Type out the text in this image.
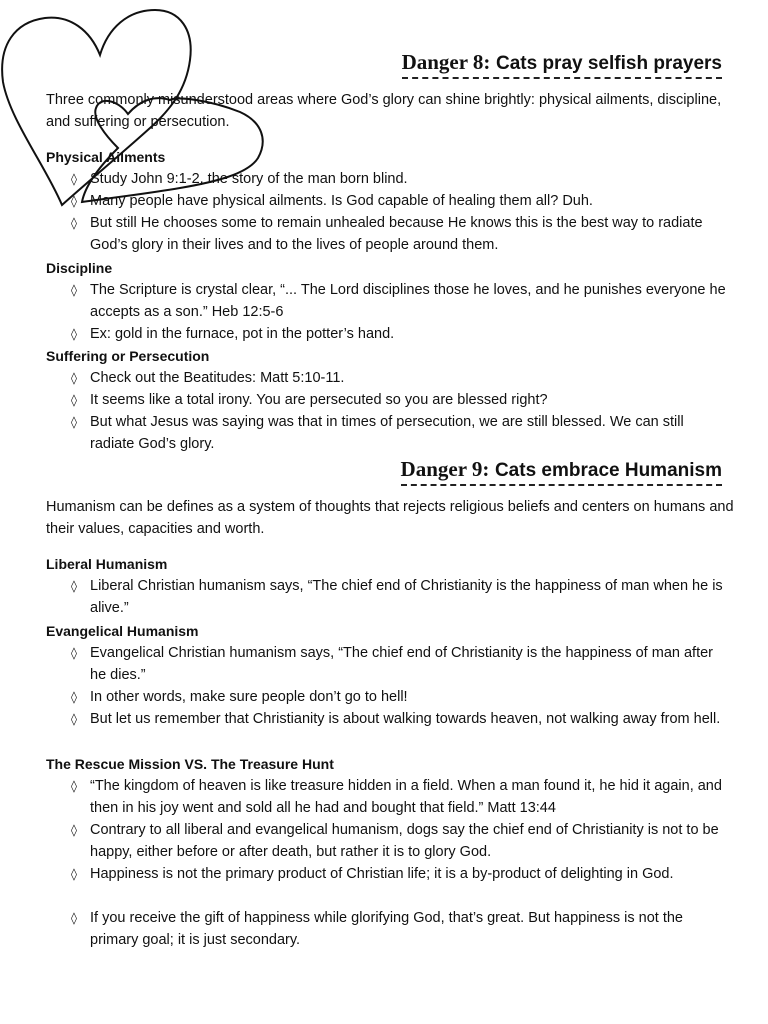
Danger 8: Cats pray selfish prayers
Three commonly misunderstood areas where God’s glory can shine brightly: physical ailments, discipline, and suffering or persecution.
Physical Ailments
◊ Study John 9:1-2, the story of the man born blind.
◊ Many people have physical ailments. Is God capable of healing them all? Duh.
◊ But still He chooses some to remain unhealed because He knows this is the best way to radiate God’s glory in their lives and to the lives of people around them.
Discipline
◊ The Scripture is crystal clear, “... The Lord disciplines those he loves, and he punishes everyone he accepts as a son.” Heb 12:5-6
◊ Ex: gold in the furnace, pot in the potter’s hand.
Suffering or Persecution
◊ Check out the Beatitudes: Matt 5:10-11.
◊ It seems like a total irony. You are persecuted so you are blessed right?
◊ But what Jesus was saying was that in times of persecution, we are still blessed. We can still radiate God’s glory.
Danger 9: Cats embrace Humanism
Humanism can be defines as a system of thoughts that rejects religious beliefs and centers on humans and their values, capacities and worth.
Liberal Humanism
◊ Liberal Christian humanism says, “The chief end of Christianity is the happiness of man when he is alive.”
Evangelical Humanism
◊ Evangelical Christian humanism says, “The chief end of Christianity is the happiness of man after he dies.”
◊ In other words, make sure people don’t go to hell!
◊ But let us remember that Christianity is about walking towards heaven, not walking away from hell.
The Rescue Mission VS. The Treasure Hunt
◊ “The kingdom of heaven is like treasure hidden in a field. When a man found it, he hid it again, and then in his joy went and sold all he had and bought that field.” Matt 13:44
◊ Contrary to all liberal and evangelical humanism, dogs say the chief end of Christianity is not to be happy, either before or after death, but rather it is to glory God.
◊ Happiness is not the primary product of Christian life; it is a by-product of delighting in God.
◊ If you receive the gift of happiness while glorifying God, that’s great. But happiness is not the primary goal; it is just secondary.
